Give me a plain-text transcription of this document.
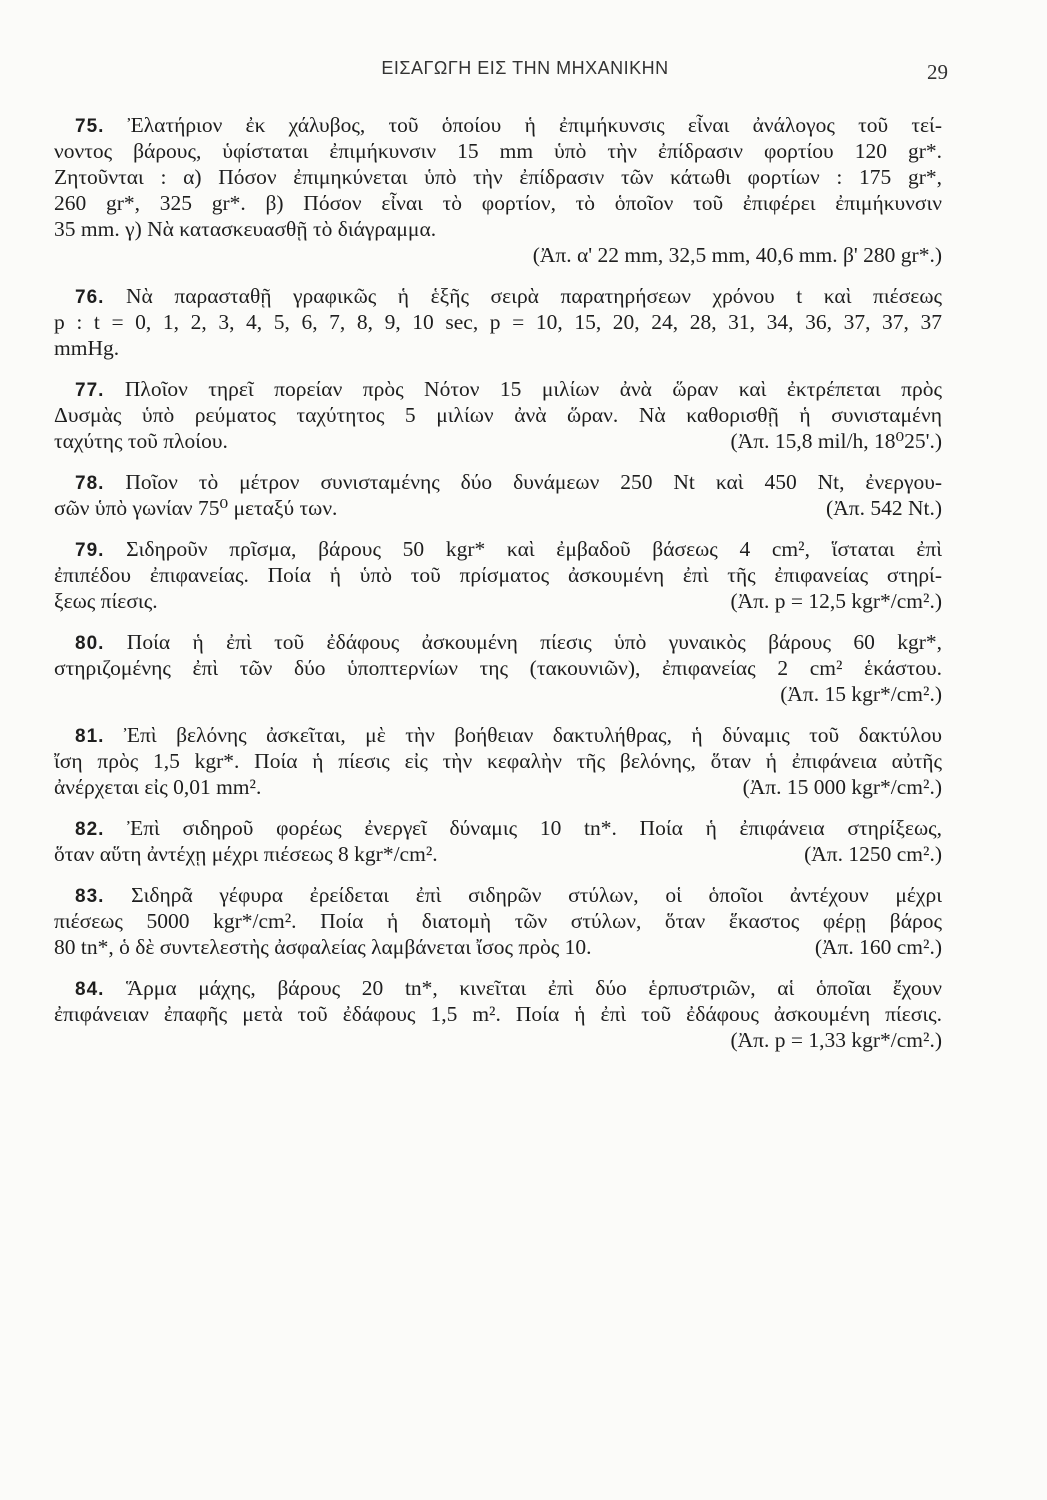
ΕΙΣΑΓΩΓΗ ΕΙΣ ΤΗΝ ΜΗΧΑΝΙΚΗΝ	29
75. Ἐλατήριον ἐκ χάλυβος, τοῦ ὁποίου ἡ ἐπιμήκυνσις εἶναι ἀνάλογος τοῦ τεί-
νοντος βάρους, ὑφίσταται ἐπιμήκυνσιν 15 mm ὑπὸ τὴν ἐπίδρασιν φορτίου 120 gr*.
Ζητοῦνται : α) Πόσον ἐπιμηκύνεται ὑπὸ τὴν ἐπίδρασιν τῶν κάτωθι φορτίων : 175 gr*,
260 gr*, 325 gr*. β) Πόσον εἶναι τὸ φορτίον, τὸ ὁποῖον τοῦ ἐπιφέρει ἐπιμήκυνσιν
35 mm. γ) Νὰ κατασκευασθῇ τὸ διάγραμμα.
(Ἀπ. α' 22 mm, 32,5 mm, 40,6 mm. β' 280 gr*.)
76. Νὰ παρασταθῇ γραφικῶς ἡ ἑξῆς σειρὰ παρατηρήσεων χρόνου t καὶ πιέσεως
p : t = 0, 1, 2, 3, 4, 5, 6, 7, 8, 9, 10 sec, p = 10, 15, 20, 24, 28, 31, 34, 36, 37, 37, 37
mmHg.
77. Πλοῖον τηρεῖ πορείαν πρὸς Νότον 15 μιλίων ἀνὰ ὥραν καὶ ἐκτρέπεται πρὸς
Δυσμὰς ὑπὸ ρεύματος ταχύτητος 5 μιλίων ἀνὰ ὥραν. Νὰ καθορισθῇ ἡ συνισταμένη
ταχύτης τοῦ πλοίου.	(Ἀπ. 15,8 mil/h, 18⁰25'.)
78. Ποῖον τὸ μέτρον συνισταμένης δύο δυνάμεων 250 Nt καὶ 450 Nt, ἐνεργου-
σῶν ὑπὸ γωνίαν 75⁰ μεταξύ των.	(Ἀπ. 542 Nt.)
79. Σιδηροῦν πρῖσμα, βάρους 50 kgr* καὶ ἐμβαδοῦ βάσεως 4 cm², ἵσταται ἐπὶ
ἐπιπέδου ἐπιφανείας. Ποία ἡ ὑπὸ τοῦ πρίσματος ἀσκουμένη ἐπὶ τῆς ἐπιφανείας στηρί-
ξεως πίεσις.	(Ἀπ. p = 12,5 kgr*/cm².)
80. Ποία ἡ ἐπὶ τοῦ ἐδάφους ἀσκουμένη πίεσις ὑπὸ γυναικὸς βάρους 60 kgr*,
στηριζομένης ἐπὶ τῶν δύο ὑποπτερνίων της (τακουνιῶν), ἐπιφανείας 2 cm² ἑκάστου.
(Ἀπ. 15 kgr*/cm².)
81. Ἐπὶ βελόνης ἀσκεῖται, μὲ τὴν βοήθειαν δακτυλήθρας, ἡ δύναμις τοῦ δακτύλου
ἴση πρὸς 1,5 kgr*. Ποία ἡ πίεσις εἰς τὴν κεφαλὴν τῆς βελόνης, ὅταν ἡ ἐπιφάνεια αὐτῆς
ἀνέρχεται εἰς 0,01 mm².	(Ἀπ. 15 000 kgr*/cm².)
82. Ἐπὶ σιδηροῦ φορέως ἐνεργεῖ δύναμις 10 tn*. Ποία ἡ ἐπιφάνεια στηρίξεως,
ὅταν αὕτη ἀντέχῃ μέχρι πιέσεως 8 kgr*/cm².	(Ἀπ. 1250 cm².)
83. Σιδηρᾶ γέφυρα ἐρείδεται ἐπὶ σιδηρῶν στύλων, οἱ ὁποῖοι ἀντέχουν μέχρι
πιέσεως 5000 kgr*/cm². Ποία ἡ διατομὴ τῶν στύλων, ὅταν ἕκαστος φέρῃ βάρος
80 tn*, ὁ δὲ συντελεστὴς ἀσφαλείας λαμβάνεται ἴσος πρὸς 10.	(Ἀπ. 160 cm².)
84. Ἅρμα μάχης, βάρους 20 tn*, κινεῖται ἐπὶ δύο ἑρπυστριῶν, αἱ ὁποῖαι ἔχουν
ἐπιφάνειαν ἐπαφῆς μετὰ τοῦ ἐδάφους 1,5 m². Ποία ἡ ἐπὶ τοῦ ἐδάφους ἀσκουμένη πίεσις.
(Ἀπ. p = 1,33 kgr*/cm².)
